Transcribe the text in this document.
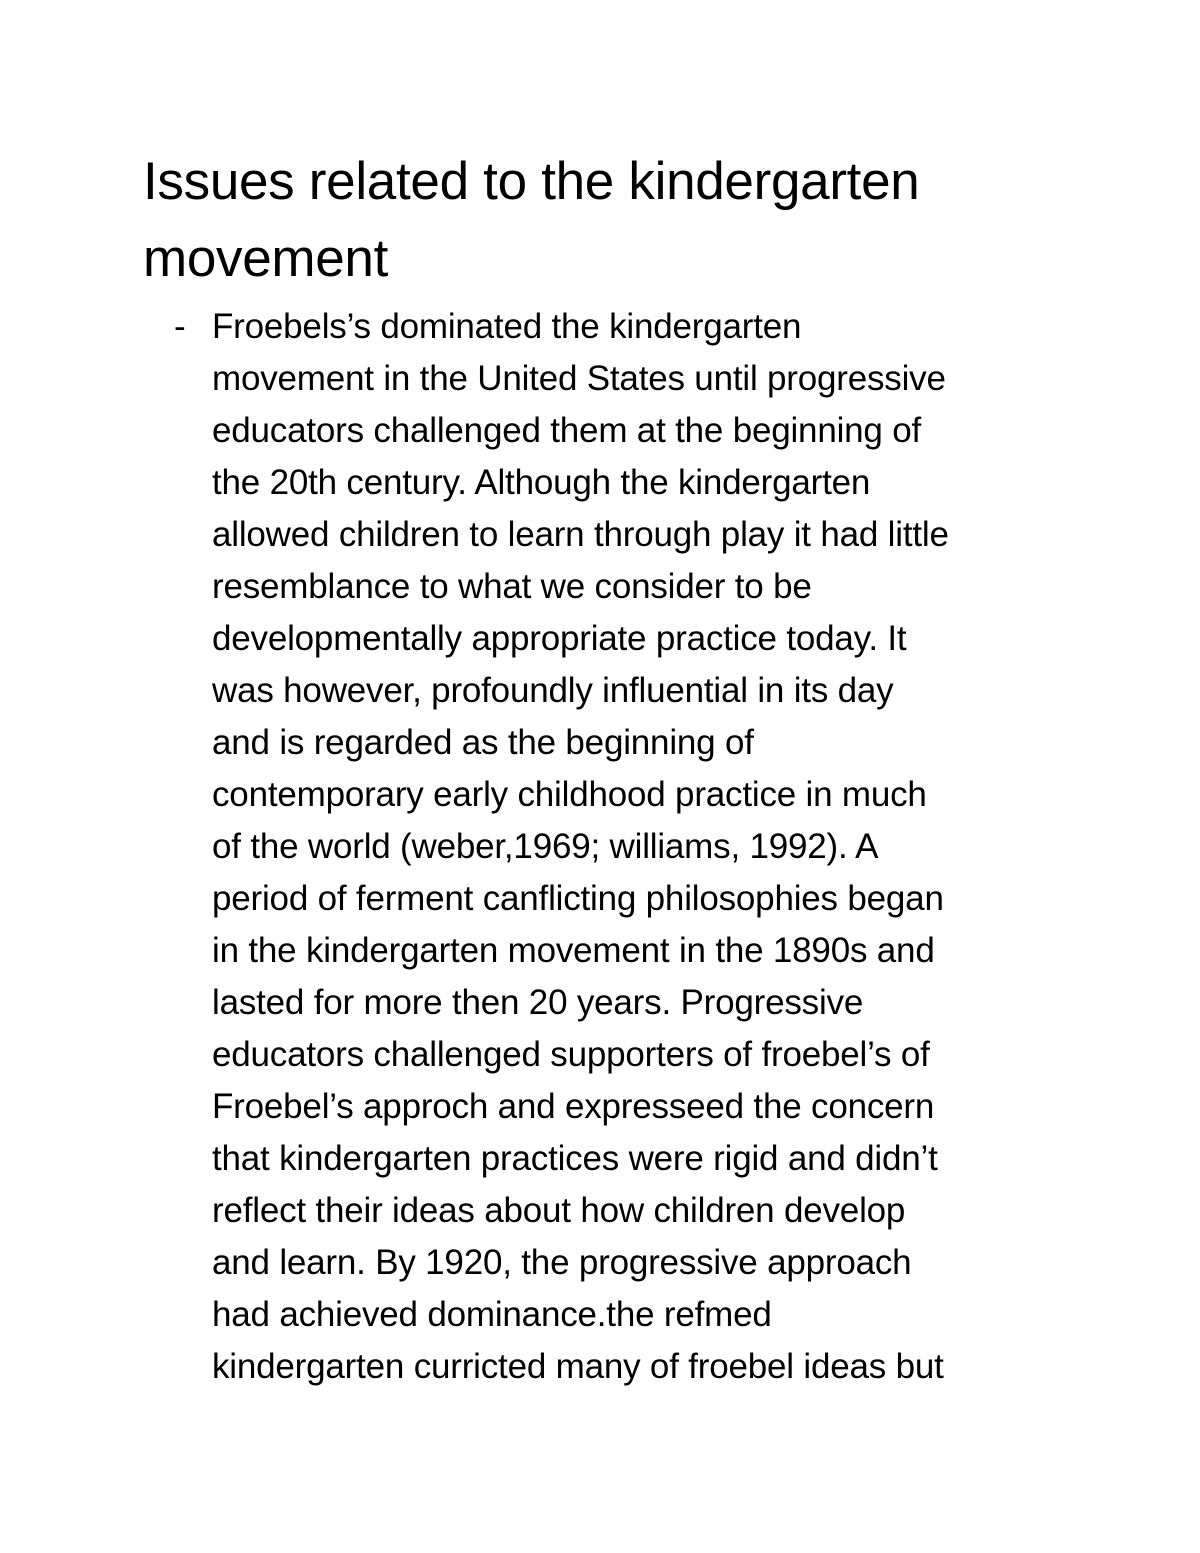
Issues related to the kindergarten
movement
- Froebels’s dominated the kindergarten
movement in the United States until progressive
educators challenged them at the beginning of
the 20th century. Although the kindergarten
allowed children to learn through play it had little
resemblance to what we consider to be
developmentally appropriate practice today. It
was however, profoundly influential in its day
and is regarded as the beginning of
contemporary early childhood practice in much
of the world (weber,1969; williams, 1992). A
period of ferment canflicting philosophies began
in the kindergarten movement in the 1890s and
lasted for more then 20 years. Progressive
educators challenged supporters of froebel’s of
Froebel’s approch and expresseed the concern
that kindergarten practices were rigid and didn’t
reflect their ideas about how children develop
and learn. By 1920, the progressive approach
had achieved dominance.the refmed
kindergarten curricted many of froebel ideas but
